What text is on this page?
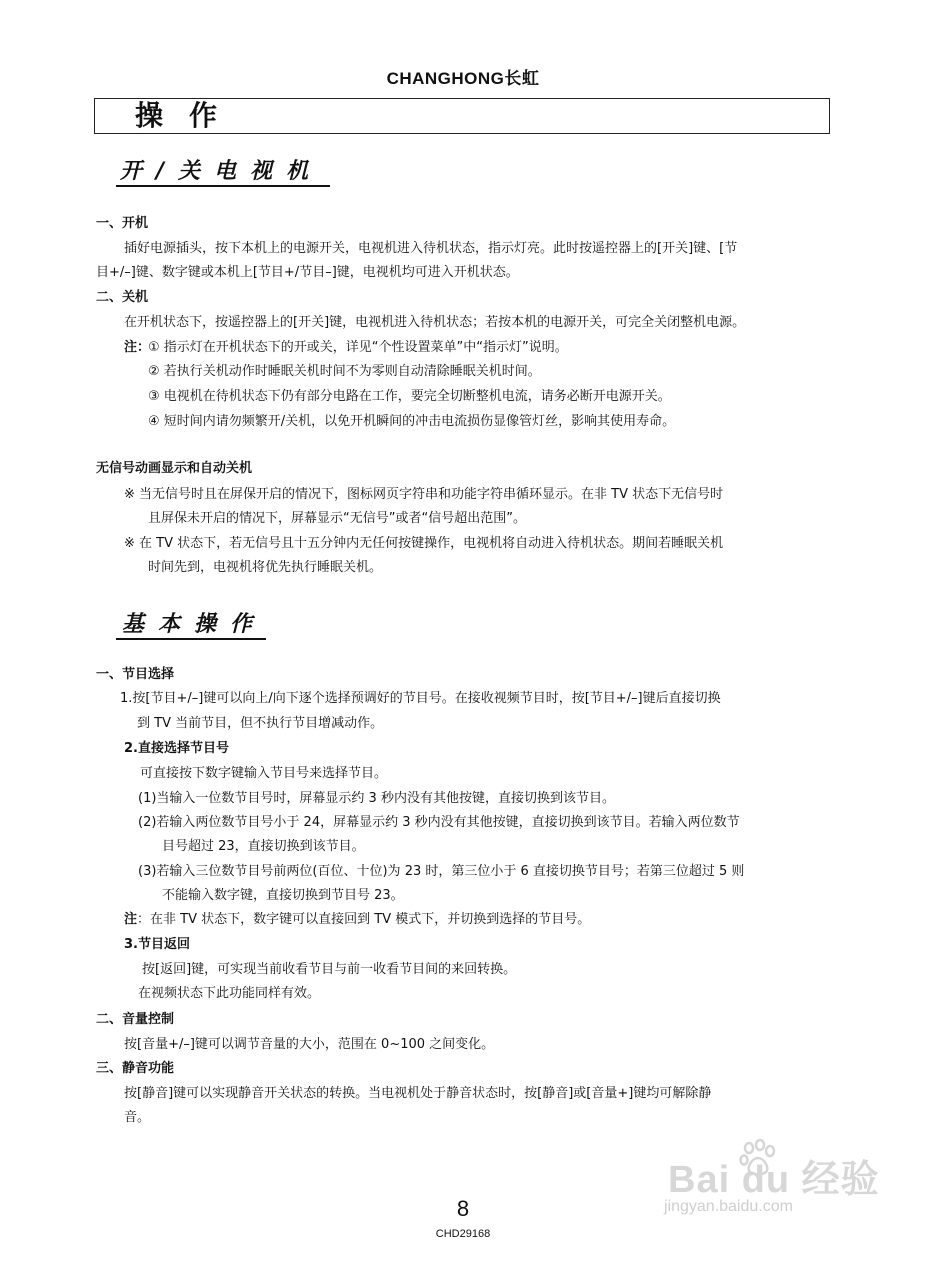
CHANGHONG长虹
操作
开/关电视机
一、开机
插好电源插头，按下本机上的电源开关，电视机进入待机状态，指示灯亮。此时按遥控器上的[开关]键、[节
目+/–]键、数字键或本机上[节目+/节目–]键，电视机均可进入开机状态。
二、关机
在开机状态下，按遥控器上的[开关]键，电视机进入待机状态；若按本机的电源开关，可完全关闭整机电源。
注：
① 指示灯在开机状态下的开或关，详见“个性设置菜单”中“指示灯”说明。
② 若执行关机动作时睡眠关机时间不为零则自动清除睡眠关机时间。
③ 电视机在待机状态下仍有部分电路在工作，要完全切断整机电流，请务必断开电源开关。
④ 短时间内请勿频繁开/关机，以免开机瞬间的冲击电流损伤显像管灯丝，影响其使用寿命。
无信号动画显示和自动关机
※ 当无信号时且在屏保开启的情况下，图标网页字符串和功能字符串循环显示。在非 TV 状态下无信号时
且屏保未开启的情况下，屏幕显示“无信号”或者“信号超出范围”。
※ 在 TV 状态下，若无信号且十五分钟内无任何按键操作，电视机将自动进入待机状态。期间若睡眠关机
时间先到，电视机将优先执行睡眠关机。
基本操作
一、节目选择
1.按[节目+/–]键可以向上/向下逐个选择预调好的节目号。在接收视频节目时，按[节目+/–]键后直接切换
到 TV 当前节目，但不执行节目增减动作。
2.直接选择节目号
可直接按下数字键输入节目号来选择节目。
(1)当输入一位数节目号时，屏幕显示约 3 秒内没有其他按键，直接切换到该节目。
(2)若输入两位数节目号小于 24，屏幕显示约 3 秒内没有其他按键，直接切换到该节目。若输入两位数节
目号超过 23，直接切换到该节目。
(3)若输入三位数节目号前两位(百位、十位)为 23 时，第三位小于 6 直接切换节目号；若第三位超过 5 则
不能输入数字键，直接切换到节目号 23。
注：在非 TV 状态下，数字键可以直接回到 TV 模式下，并切换到选择的节目号。
3.节目返回
按[返回]键，可实现当前收看节目与前一收看节目间的来回转换。
在视频状态下此功能同样有效。
二、音量控制
按[音量+/–]键可以调节音量的大小，范围在 0~100 之间变化。
三、静音功能
按[静音]键可以实现静音开关状态的转换。当电视机处于静音状态时，按[静音]或[音量+]键均可解除静
音。
Bai du 经验
jingyan.baidu.com
8
CHD29168
